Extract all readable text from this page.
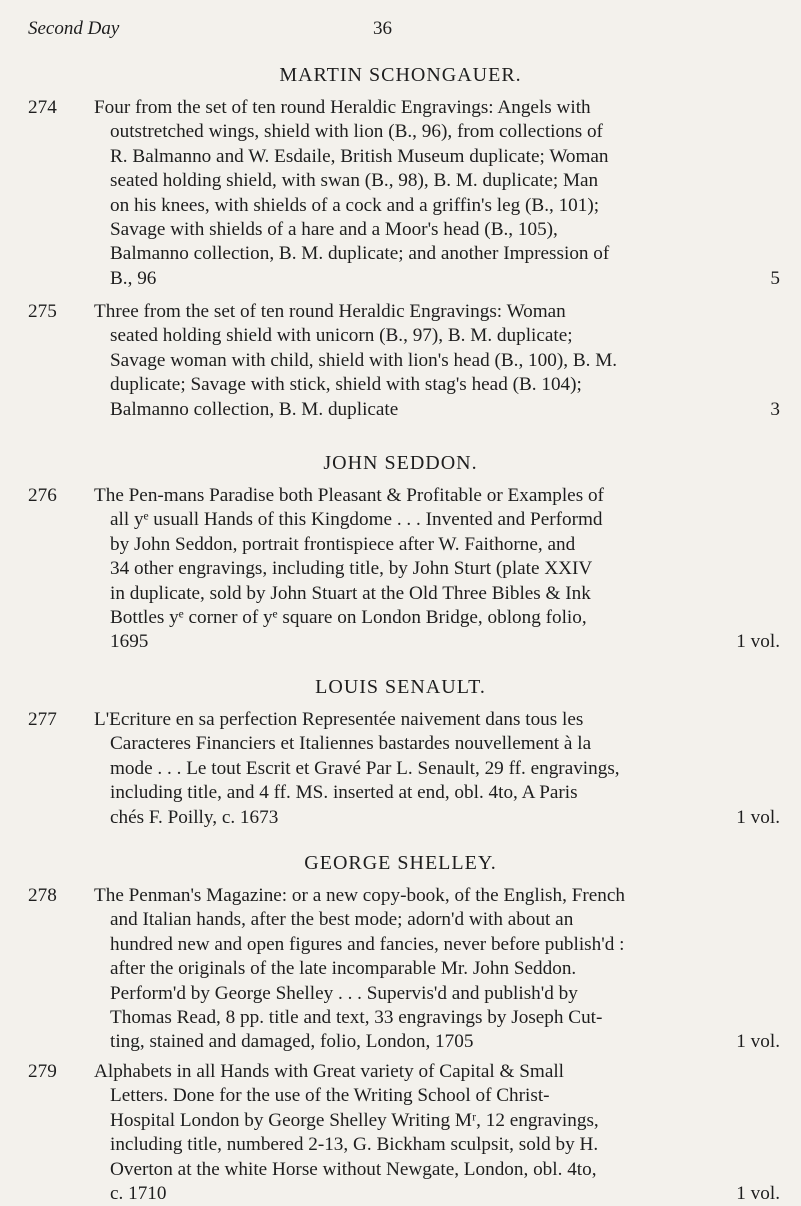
Second Day	36
MARTIN SCHONGAUER.
274	Four from the set of ten round Heraldic Engravings: Angels with
outstretched wings, shield with lion (B., 96), from collections of
R. Balmanno and W. Esdaile, British Museum duplicate; Woman
seated holding shield, with swan (B., 98), B. M. duplicate; Man
on his knees, with shields of a cock and a griffin's leg (B., 101);
Savage with shields of a hare and a Moor's head (B., 105),
Balmanno collection, B. M. duplicate; and another Impression of
B., 96	5
275	Three from the set of ten round Heraldic Engravings: Woman
seated holding shield with unicorn (B., 97), B. M. duplicate;
Savage woman with child, shield with lion's head (B., 100), B. M.
duplicate; Savage with stick, shield with stag's head (B. 104);
Balmanno collection, B. M. duplicate	3
JOHN SEDDON.
276	The Pen-mans Paradise both Pleasant & Profitable or Examples of
all yᵉ usuall Hands of this Kingdome . . . Invented and Performd
by John Seddon, portrait frontispiece after W. Faithorne, and
34 other engravings, including title, by John Sturt (plate XXIV
in duplicate, sold by John Stuart at the Old Three Bibles & Ink
Bottles yᵉ corner of yᵉ square on London Bridge, oblong folio,
1695	1 vol.
LOUIS SENAULT.
277	L'Ecriture en sa perfection Representée naivement dans tous les
Caracteres Financiers et Italiennes bastardes nouvellement à la
mode . . . Le tout Escrit et Gravé Par L. Senault, 29 ff. engravings,
including title, and 4 ff. MS. inserted at end, obl. 4to, A Paris
chés F. Poilly, c. 1673	1 vol.
GEORGE SHELLEY.
278	The Penman's Magazine: or a new copy-book, of the English, French
and Italian hands, after the best mode; adorn'd with about an
hundred new and open figures and fancies, never before publish'd :
after the originals of the late incomparable Mr. John Seddon.
Perform'd by George Shelley . . . Supervis'd and publish'd by
Thomas Read, 8 pp. title and text, 33 engravings by Joseph Cut-
ting, stained and damaged, folio, London, 1705	1 vol.
279	Alphabets in all Hands with Great variety of Capital & Small
Letters. Done for the use of the Writing School of Christ-
Hospital London by George Shelley Writing Mʳ, 12 engravings,
including title, numbered 2-13, G. Bickham sculpsit, sold by H.
Overton at the white Horse without Newgate, London, obl. 4to,
c. 1710	1 vol.
